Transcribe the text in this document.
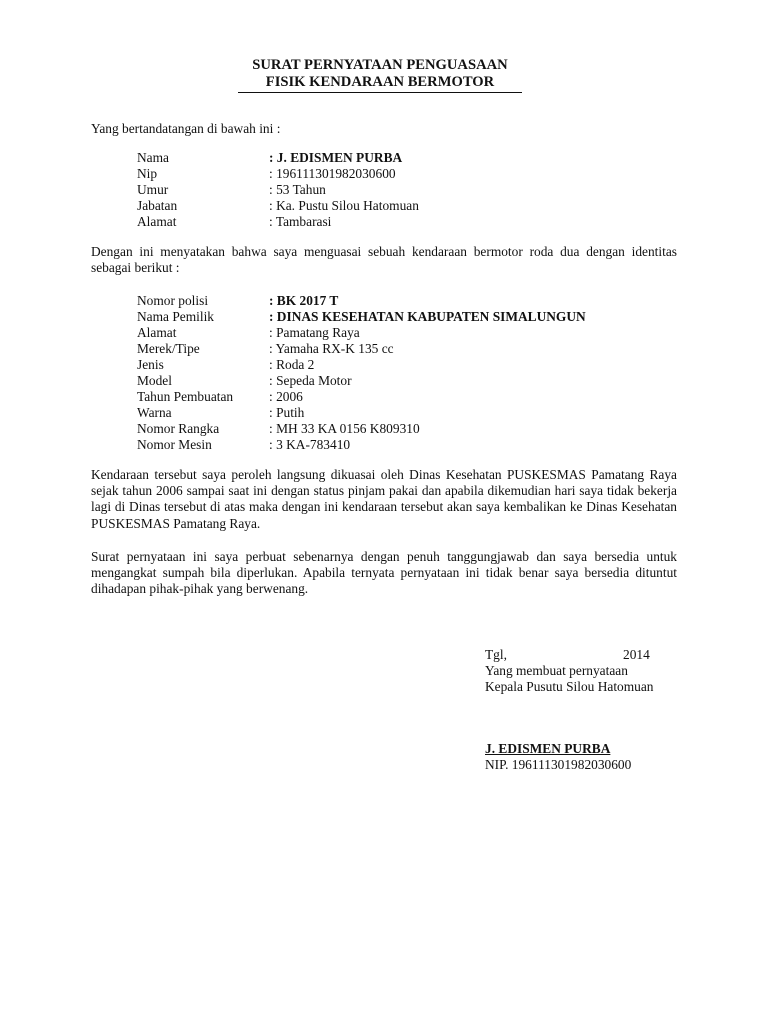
SURAT PERNYATAAN PENGUASAAN
FISIK KENDARAAN BERMOTOR
Yang bertandatangan di bawah ini :
Nama	: J. EDISMEN PURBA
Nip	: 196111301982030600
Umur	: 53 Tahun
Jabatan	: Ka. Pustu Silou Hatomuan
Alamat	: Tambarasi
Dengan ini menyatakan bahwa saya menguasai sebuah kendaraan bermotor roda dua dengan identitas sebagai berikut :
Nomor polisi	: BK 2017 T
Nama Pemilik	: DINAS KESEHATAN KABUPATEN SIMALUNGUN
Alamat	: Pamatang Raya
Merek/Tipe	: Yamaha RX-K 135 cc
Jenis	: Roda 2
Model	: Sepeda Motor
Tahun Pembuatan	: 2006
Warna	: Putih
Nomor Rangka	: MH 33 KA 0156 K809310
Nomor Mesin	: 3 KA-783410
Kendaraan tersebut saya peroleh langsung dikuasai oleh Dinas Kesehatan PUSKESMAS Pamatang Raya sejak tahun 2006 sampai saat ini dengan status pinjam pakai dan apabila dikemudian hari saya tidak bekerja lagi di Dinas tersebut di atas maka dengan ini kendaraan tersebut akan saya kembalikan ke Dinas Kesehatan PUSKESMAS Pamatang Raya.
Surat pernyataan ini saya perbuat sebenarnya dengan penuh tanggungjawab dan saya bersedia untuk mengangkat sumpah bila diperlukan. Apabila ternyata pernyataan ini tidak benar saya bersedia dituntut dihadapan pihak-pihak yang berwenang.
Tgl,	2014
Yang membuat pernyataan
Kepala Pusutu Silou Hatomuan
J. EDISMEN PURBA
NIP. 196111301982030600
